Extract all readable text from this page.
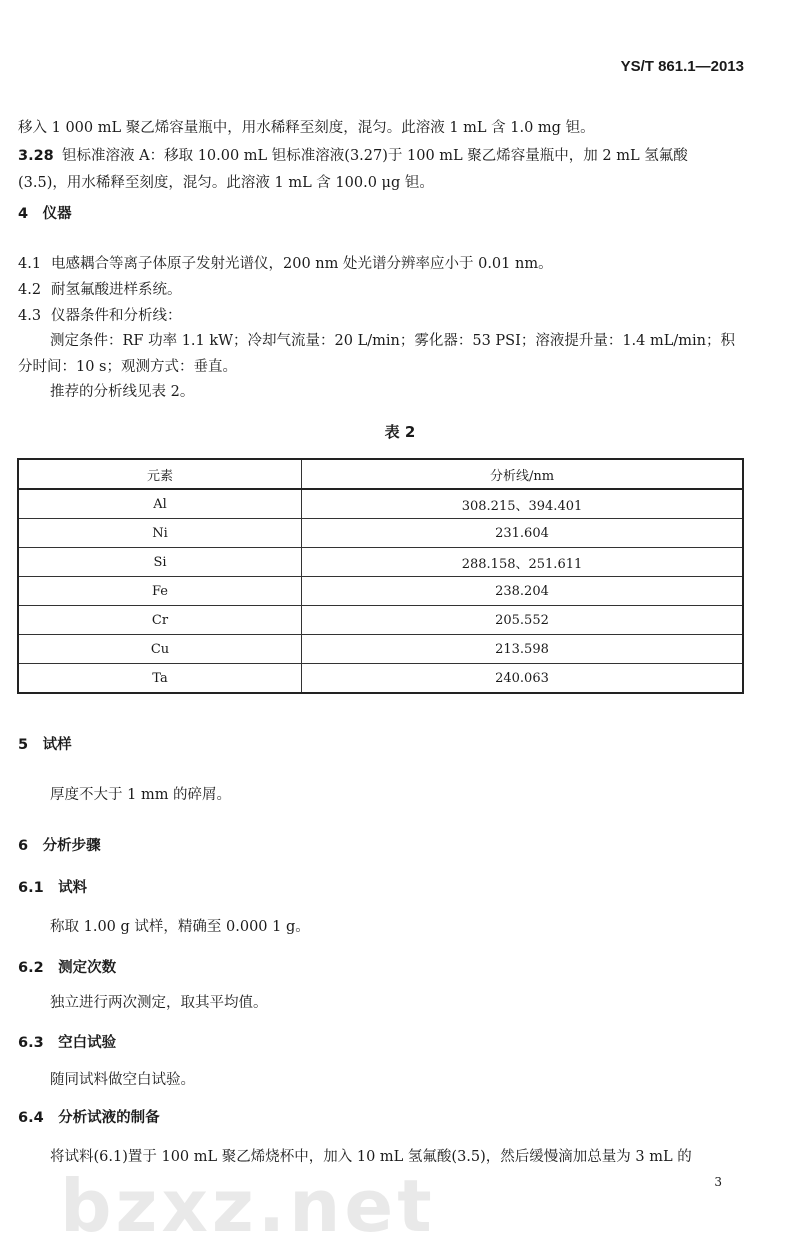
YS/T 861.1—2013
移入 1 000 mL 聚乙烯容量瓶中，用水稀释至刻度，混匀。此溶液 1 mL 含 1.0 mg 钽。
3.28 钽标准溶液 A：移取 10.00 mL 钽标准溶液(3.27)于 100 mL 聚乙烯容量瓶中，加 2 mL 氢氟酸
(3.5)，用水稀释至刻度，混匀。此溶液 1 mL 含 100.0 μg 钽。
4　仪器
4.1 电感耦合等离子体原子发射光谱仪，200 nm 处光谱分辨率应小于 0.01 nm。
4.2 耐氢氟酸进样系统。
4.3 仪器条件和分析线：
测定条件：RF 功率 1.1 kW；冷却气流量：20 L/min；雾化器：53 PSI；溶液提升量：1.4 mL/min；积
分时间：10 s；观测方式：垂直。
推荐的分析线见表 2。
表 2
元素	分析线/nm
Al	308.215、394.401
Ni	231.604
Si	288.158、251.611
Fe	238.204
Cr	205.552
Cu	213.598
Ta	240.063
5　试样
厚度不大于 1 mm 的碎屑。
6　分析步骤
6.1　试料
称取 1.00 g 试样，精确至 0.000 1 g。
6.2　测定次数
独立进行两次测定，取其平均值。
6.3　空白试验
随同试料做空白试验。
6.4　分析试液的制备
将试料(6.1)置于 100 mL 聚乙烯烧杯中，加入 10 mL 氢氟酸(3.5)，然后缓慢滴加总量为 3 mL 的
bzxz.net	3
